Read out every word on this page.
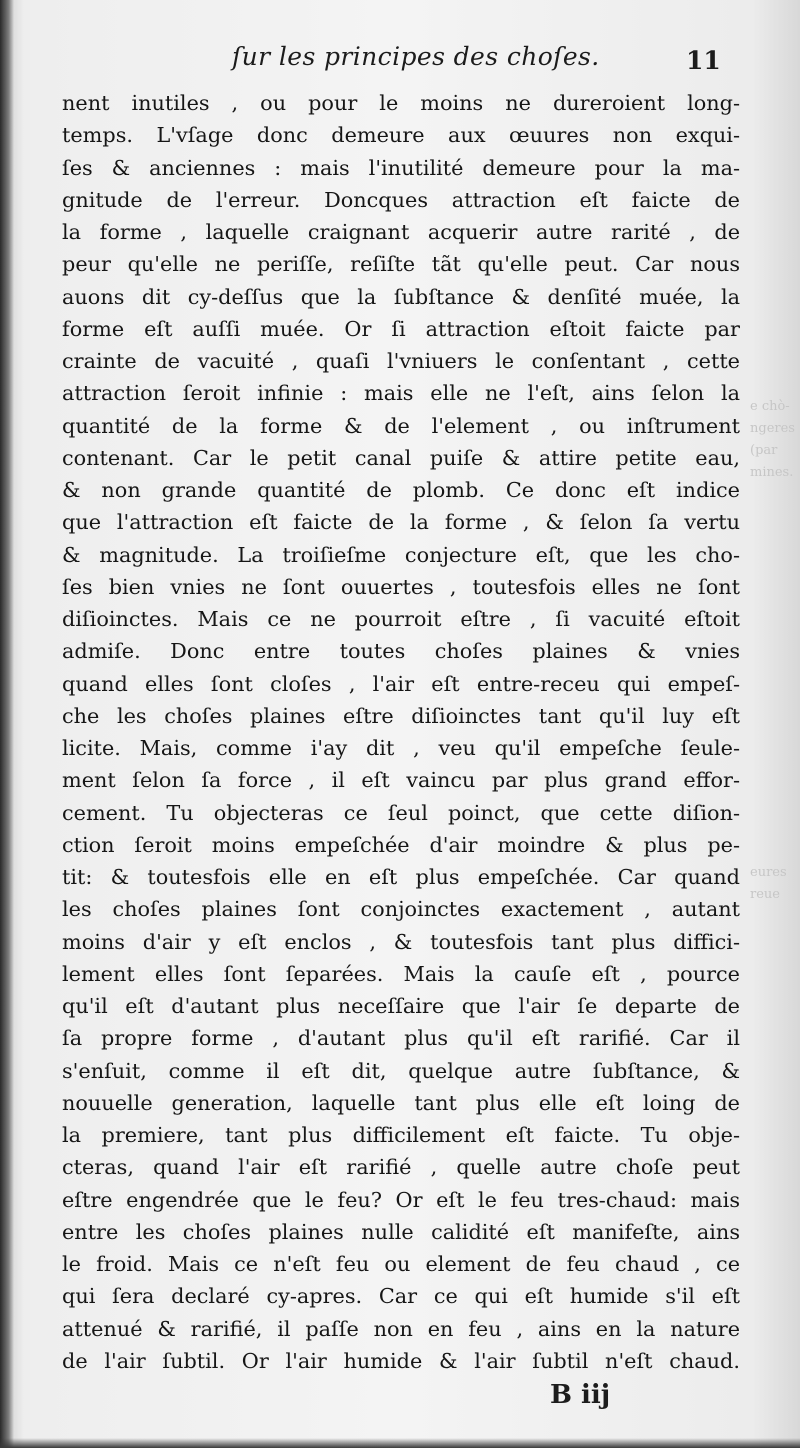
e chò-
ngeres
(par
mines.
eures
reue
ſur les principes des choſes.	11
nent inutiles , ou pour le moins ne dureroient long-
temps. L'vſage donc demeure aux œuures non exqui-
ſes & anciennes : mais l'inutilité demeure pour la ma-
gnitude de l'erreur. Doncques attraction eſt faicte de
la forme , laquelle craignant acquerir autre rarité , de
peur qu'elle ne periſſe, reſiſte tãt qu'elle peut. Car nous
auons dit cy-deſſus que la ſubſtance & denſité muée, la
forme eſt auſſi muée. Or ſi attraction eſtoit faicte par
crainte de vacuité , quaſi l'vniuers le conſentant , cette
attraction ſeroit infinie : mais elle ne l'eſt, ains ſelon la
quantité de la forme & de l'element , ou inſtrument
contenant. Car le petit canal puiſe & attire petite eau,
& non grande quantité de plomb. Ce donc eſt indice
que l'attraction eſt faicte de la forme , & ſelon ſa vertu
& magnitude. La troiſieſme conjecture eſt, que les cho-
ſes bien vnies ne ſont ouuertes , toutesfois elles ne ſont
diſioinctes. Mais ce ne pourroit eſtre , ſi vacuité eſtoit
admiſe. Donc entre toutes choſes plaines & vnies
quand elles ſont cloſes , l'air eſt entre-receu qui empeſ-
che les choſes plaines eſtre diſioinctes tant qu'il luy eſt
licite. Mais, comme i'ay dit , veu qu'il empeſche ſeule-
ment ſelon ſa force , il eſt vaincu par plus grand effor-
cement. Tu objecteras ce ſeul poinct, que cette diſion-
ction ſeroit moins empeſchée d'air moindre & plus pe-
tit: & toutesfois elle en eſt plus empeſchée. Car quand
les choſes plaines ſont conjoinctes exactement , autant
moins d'air y eſt enclos , & toutesfois tant plus diffici-
lement elles ſont ſeparées. Mais la cauſe eſt , pource
qu'il eſt d'autant plus neceſſaire que l'air ſe departe de
ſa propre forme , d'autant plus qu'il eſt rarifié. Car il
s'enſuit, comme il eſt dit, quelque autre ſubſtance, &
nouuelle generation, laquelle tant plus elle eſt loing de
la premiere, tant plus difficilement eſt faicte. Tu obje-
cteras, quand l'air eſt rarifié , quelle autre choſe peut
eſtre engendrée que le feu? Or eſt le feu tres-chaud: mais
entre les choſes plaines nulle calidité eſt manifeſte, ains
le froid. Mais ce n'eſt feu ou element de feu chaud , ce
qui ſera declaré cy-apres. Car ce qui eſt humide s'il eſt
attenué & rarifié, il paſſe non en feu , ains en la nature
de l'air ſubtil. Or l'air humide & l'air ſubtil n'eſt chaud.
B iij
